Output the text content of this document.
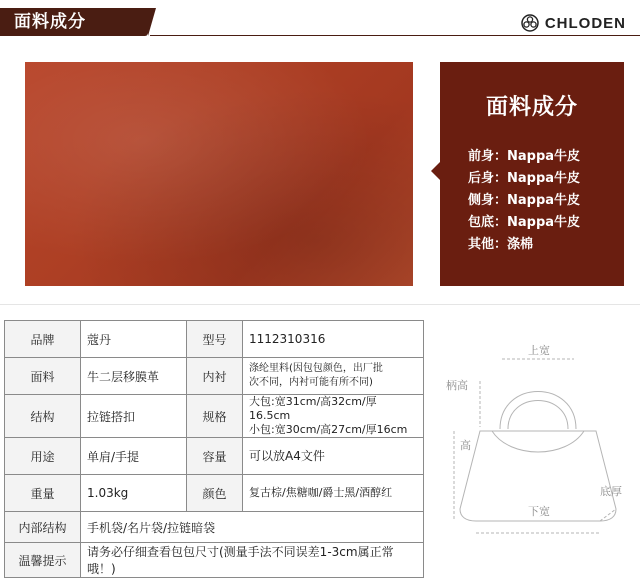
面料成分	CHLODEN
面料成分
前身：Nappa牛皮
后身：Nappa牛皮
侧身：Nappa牛皮
包底：Nappa牛皮
其他：涤棉
品牌	蔻丹	型号	1112310316
面料	牛二层移膜革	内衬	涤纶里料(因包包颜色，出厂批
次不同，内衬可能有所不同)

结构	拉链搭扣	规格	大包:宽31cm/高32cm/厚16.5cm
小包:宽30cm/高27cm/厚16cm

用途	单肩/手提	容量	可以放A4文件
重量	1.03kg	颜色	复古棕/焦糖咖/爵士黑/酒醇红
内部结构	手机袋/名片袋/拉链暗袋		
温馨提示	请务必仔细查看包包尺寸(测量手法不同误差1-3cm属正常哦！)		
上宽
柄高
高
底厚
下宽
